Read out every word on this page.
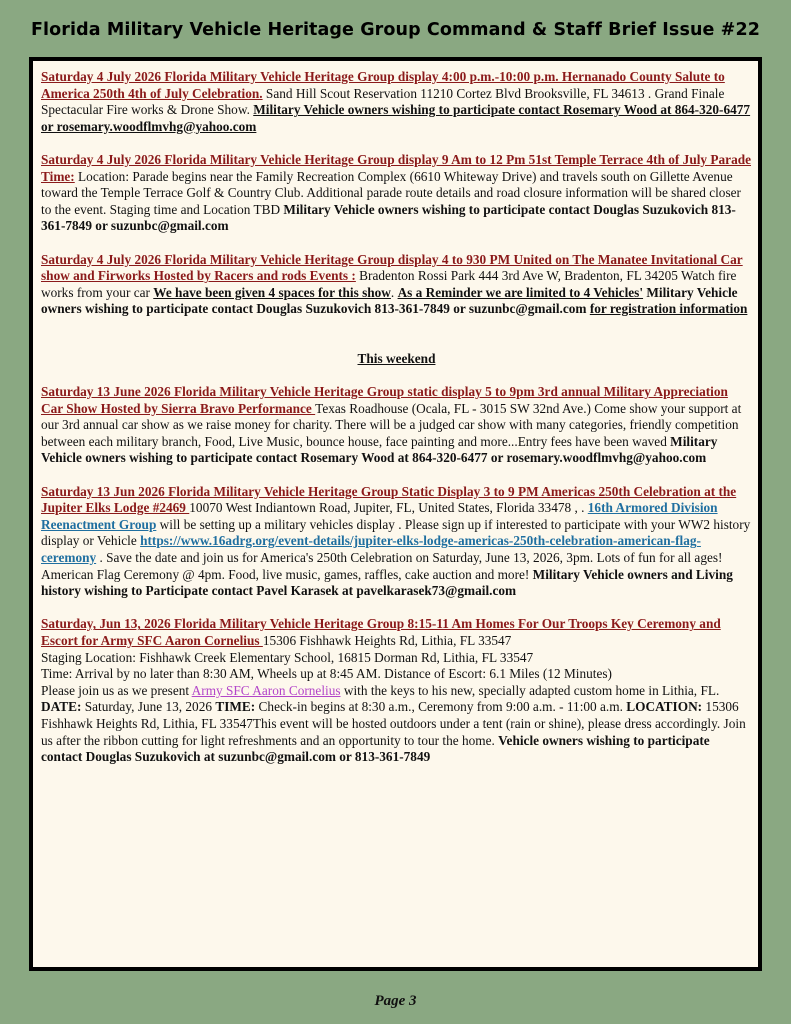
Florida Military Vehicle Heritage Group Command & Staff Brief Issue #22
Saturday 4 July 2026 Florida Military Vehicle Heritage Group display 4:00 p.m.-10:00 p.m. Hernanado County Salute to America 250th 4th of July Celebration. Sand Hill Scout Reservation 11210 Cortez Blvd Brooksville, FL 34613 . Grand Finale Spectacular Fire works & Drone Show. Military Vehicle owners wishing to participate contact Rosemary Wood at 864-320-6477 or rosemary.woodflmvhg@yahoo.com
Saturday 4 July 2026 Florida Military Vehicle Heritage Group display 9 Am to 12 Pm 51st Temple Terrace 4th of July Parade Time: Location: Parade begins near the Family Recreation Complex (6610 Whiteway Drive) and travels south on Gillette Avenue toward the Temple Terrace Golf & Country Club. Additional parade route details and road closure information will be shared closer to the event. Staging time and Location TBD Military Vehicle owners wishing to participate contact Douglas Suzukovich 813-361-7849 or suzunbc@gmail.com
Saturday 4 July 2026 Florida Military Vehicle Heritage Group display 4 to 930 PM United on The Manatee Invitational Car show and Firworks Hosted by Racers and rods Events : Bradenton Rossi Park 444 3rd Ave W, Bradenton, FL 34205 Watch fire works from your car We have been given 4 spaces for this show. As a Reminder we are limited to 4 Vehicles' Military Vehicle owners wishing to participate contact Douglas Suzukovich 813-361-7849 or suzunbc@gmail.com for registration information
This weekend
Saturday 13 June 2026 Florida Military Vehicle Heritage Group static display 5 to 9pm 3rd annual Military Appreciation Car Show Hosted by Sierra Bravo Performance Texas Roadhouse (Ocala, FL - 3015 SW 32nd Ave.) Come show your support at our 3rd annual car show as we raise money for charity. There will be a judged car show with many categories, friendly competition between each military branch, Food, Live Music, bounce house, face painting and more...Entry fees have been waved Military Vehicle owners wishing to participate contact Rosemary Wood at 864-320-6477 or rosemary.woodflmvhg@yahoo.com
Saturday 13 Jun 2026 Florida Military Vehicle Heritage Group Static Display 3 to 9 PM Americas 250th Celebration at the Jupiter Elks Lodge #2469 10070 West Indiantown Road, Jupiter, FL, United States, Florida 33478 , . 16th Armored Division Reenactment Group will be setting up a military vehicles display . Please sign up if interested to participate with your WW2 history display or Vehicle https://www.16adrg.org/event-details/jupiter-elks-lodge-americas-250th-celebration-american-flag-ceremony . Save the date and join us for America's 250th Celebration on Saturday, June 13, 2026, 3pm. Lots of fun for all ages! American Flag Ceremony @ 4pm. Food, live music, games, raffles, cake auction and more! Military Vehicle owners and Living history wishing to Participate contact Pavel Karasek at pavelkarasek73@gmail.com
Saturday, Jun 13, 2026 Florida Military Vehicle Heritage Group 8:15-11 Am Homes For Our Troops Key Ceremony and Escort for Army SFC Aaron Cornelius 15306 Fishhawk Heights Rd, Lithia, FL 33547
Staging Location: Fishhawk Creek Elementary School, 16815 Dorman Rd, Lithia, FL 33547
Time: Arrival by no later than 8:30 AM, Wheels up at 8:45 AM. Distance of Escort: 6.1 Miles (12 Minutes)
Please join us as we present Army SFC Aaron Cornelius with the keys to his new, specially adapted custom home in Lithia, FL. DATE: Saturday, June 13, 2026 TIME: Check-in begins at 8:30 a.m., Ceremony from 9:00 a.m. - 11:00 a.m. LOCATION: 15306 Fishhawk Heights Rd, Lithia, FL 33547This event will be hosted outdoors under a tent (rain or shine), please dress accordingly. Join us after the ribbon cutting for light refreshments and an opportunity to tour the home. Vehicle owners wishing to participate contact Douglas Suzukovich at suzunbc@gmail.com or 813-361-7849
Page 3
